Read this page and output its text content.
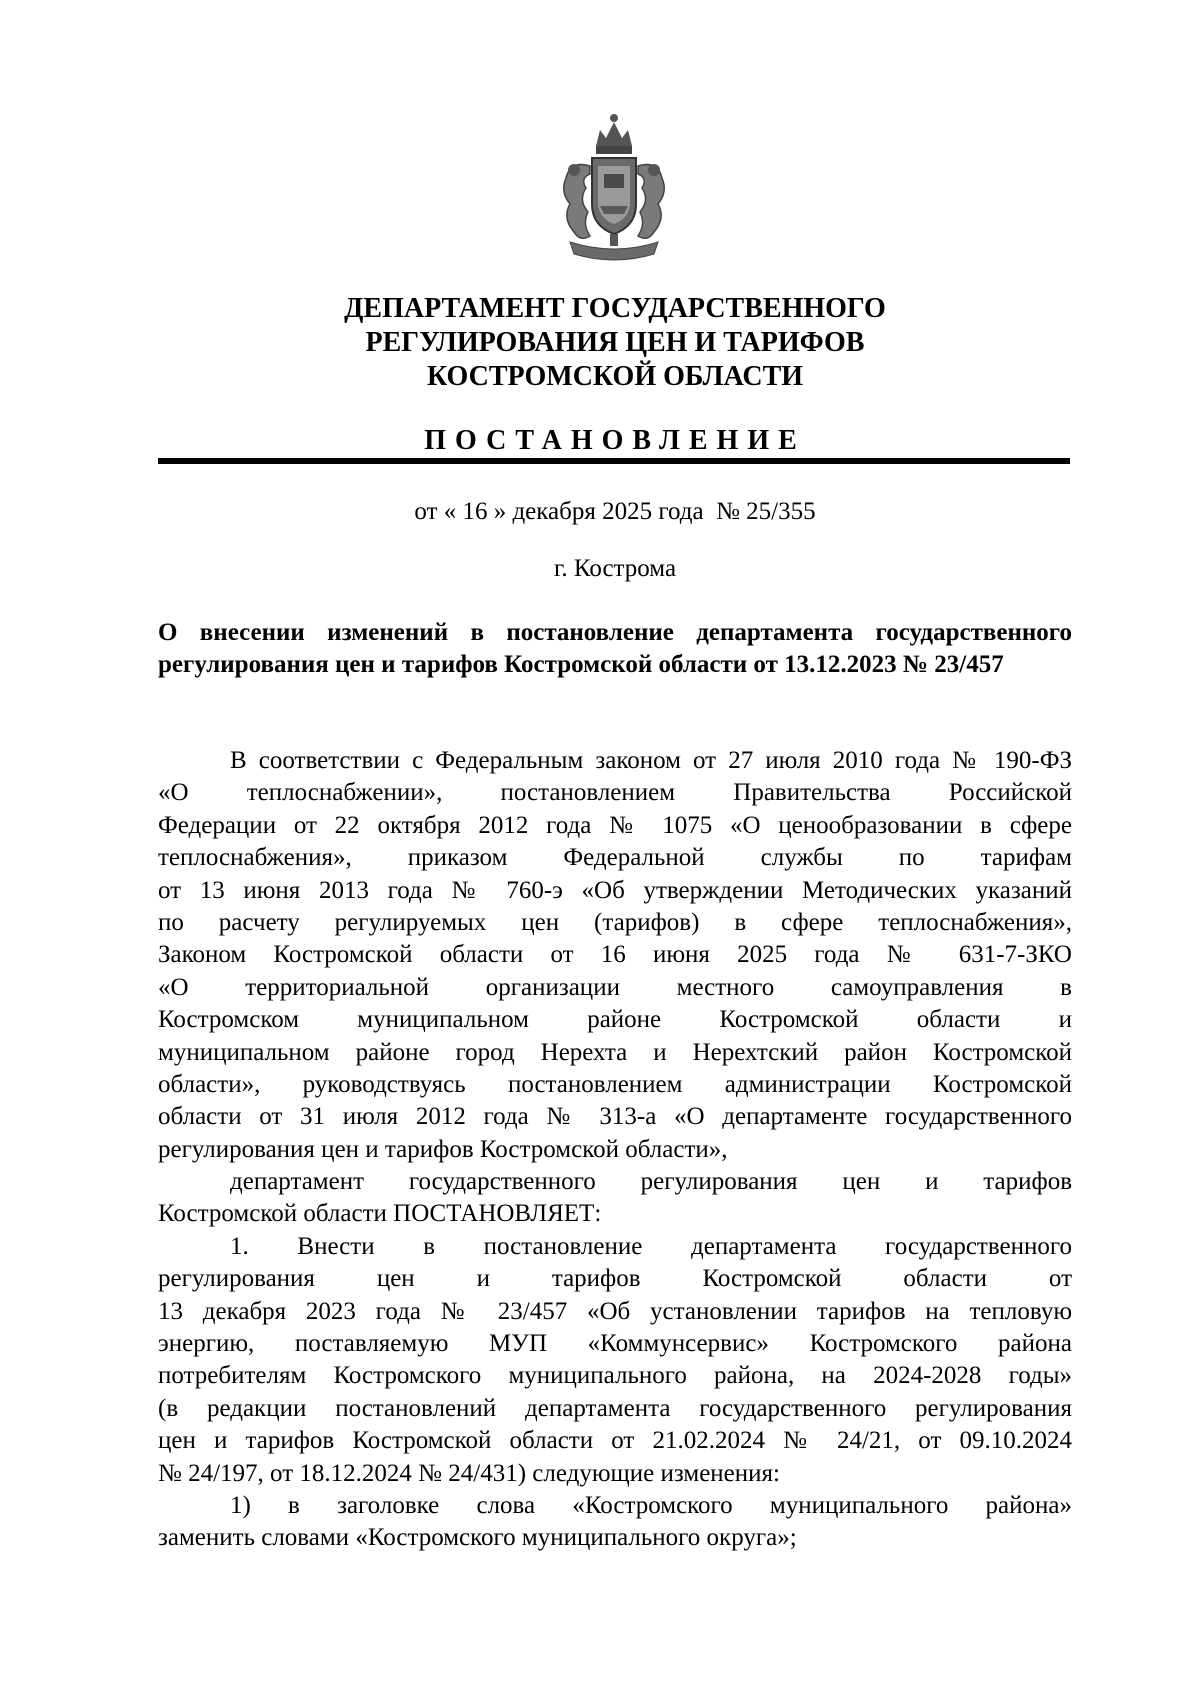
ДЕПАРТАМЕНТ ГОСУДАРСТВЕННОГО
РЕГУЛИРОВАНИЯ ЦЕН И ТАРИФОВ
КОСТРОМСКОЙ ОБЛАСТИ
ПОСТАНОВЛЕНИЕ
от « 16 » декабря 2025 года  № 25/355
г. Кострома
О внесении изменений в постановление департамента государственного
регулирования цен и тарифов Костромской области от 13.12.2023 № 23/457
В соответствии с Федеральным законом от 27 июля 2010 года № 190-ФЗ
«О теплоснабжении», постановлением Правительства Российской
Федерации от 22 октября 2012 года № 1075 «О ценообразовании в сфере
теплоснабжения», приказом Федеральной службы по тарифам
от 13 июня 2013 года № 760-э «Об утверждении Методических указаний
по расчету регулируемых цен (тарифов) в сфере теплоснабжения»,
Законом Костромской области от 16 июня 2025 года № 631-7-ЗКО
«О территориальной организации местного самоуправления в
Костромском муниципальном районе Костромской области и
муниципальном районе город Нерехта и Нерехтский район Костромской
области», руководствуясь постановлением администрации Костромской
области от 31 июля 2012 года № 313-а «О департаменте государственного
регулирования цен и тарифов Костромской области»,
департамент государственного регулирования цен и тарифов
Костромской области ПОСТАНОВЛЯЕТ:
1. Внести в постановление департамента государственного
регулирования цен и тарифов Костромской области от
13 декабря 2023 года № 23/457 «Об установлении тарифов на тепловую
энергию, поставляемую МУП «Коммунсервис» Костромского района
потребителям Костромского муниципального района, на 2024-2028 годы»
(в редакции постановлений департамента государственного регулирования
цен и тарифов Костромской области от 21.02.2024 № 24/21, от 09.10.2024
№ 24/197, от 18.12.2024 № 24/431) следующие изменения:
1) в заголовке слова «Костромского муниципального района»
заменить словами «Костромского муниципального округа»;
